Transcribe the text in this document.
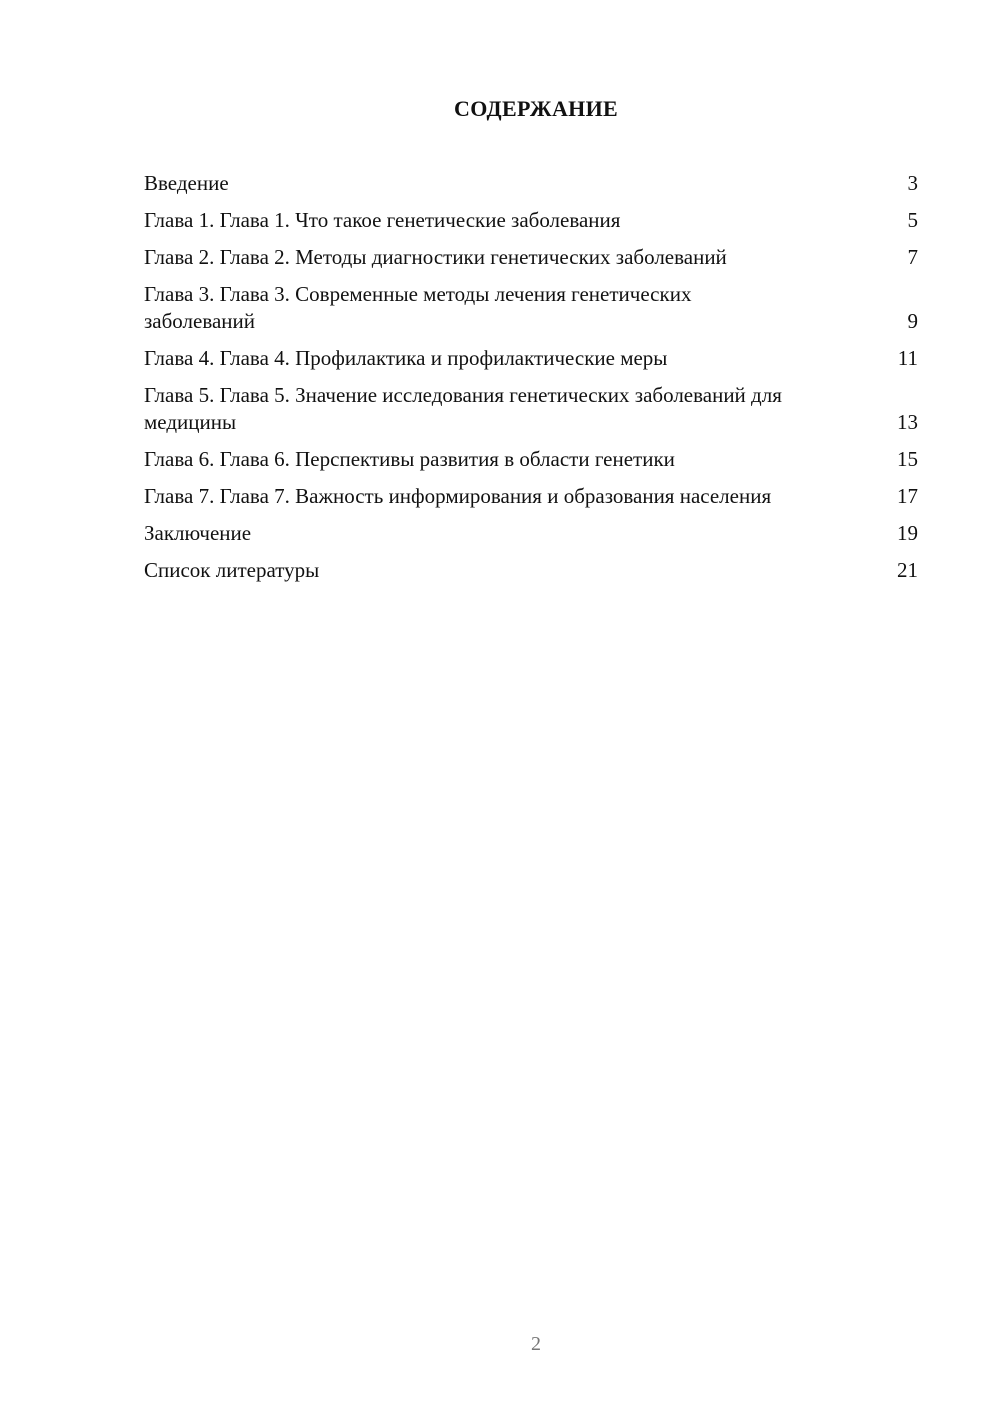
СОДЕРЖАНИЕ
Введение	3
Глава 1. Глава 1. Что такое генетические заболевания	5
Глава 2. Глава 2. Методы диагностики генетических заболеваний	7
Глава 3. Глава 3. Современные методы лечения генетических заболеваний	9
Глава 4. Глава 4. Профилактика и профилактические меры	11
Глава 5. Глава 5. Значение исследования генетических заболеваний для медицины	13
Глава 6. Глава 6. Перспективы развития в области генетики	15
Глава 7. Глава 7. Важность информирования и образования населения	17
Заключение	19
Список литературы	21
2
